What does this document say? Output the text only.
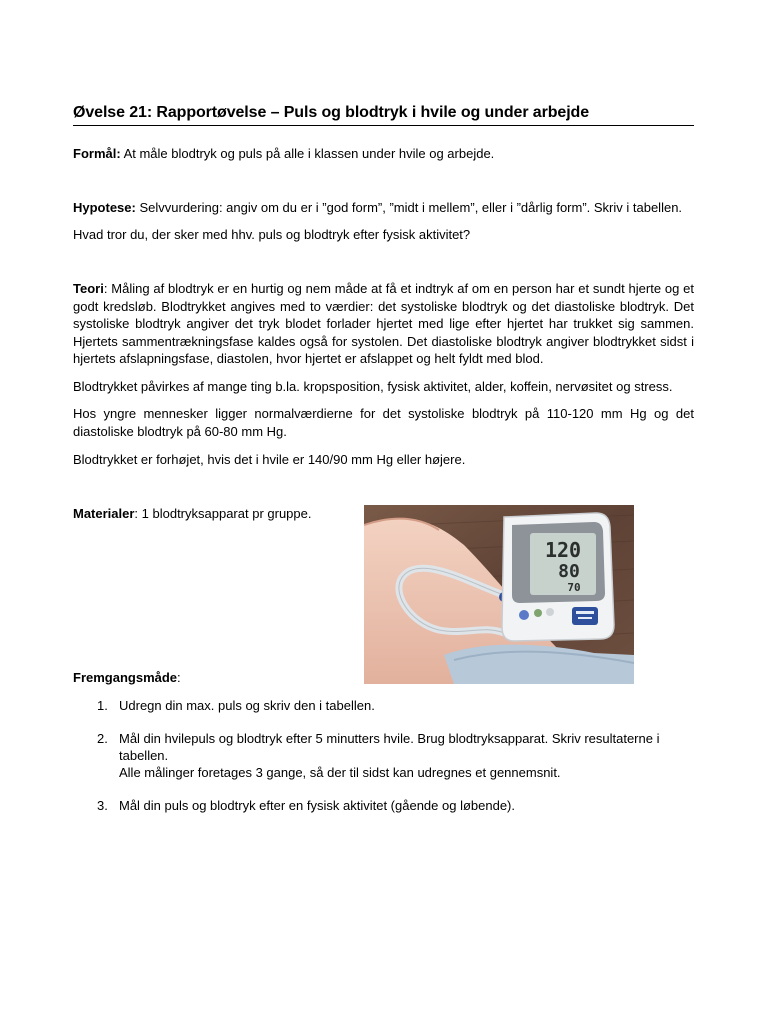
Øvelse 21: Rapportøvelse – Puls og blodtryk i hvile og under arbejde

Formål: At måle blodtryk og puls på alle i klassen under hvile og arbejde.

Hypotese: Selvvurdering: angiv om du er i ”god form”, ”midt i mellem”, eller i ”dårlig form”. Skriv i tabellen.

Hvad tror du, der sker med hhv. puls og blodtryk efter fysisk aktivitet?

Teori: Måling af blodtryk er en hurtig og nem måde at få et indtryk af om en person har et sundt hjerte og et godt kredsløb. Blodtrykket angives med to værdier: det systoliske blodtryk og det diastoliske blodtryk. Det systoliske blodtryk angiver det tryk blodet forlader hjertet med lige efter hjertet har trukket sig sammen. Hjertets sammentrækningsfase kaldes også for systolen. Det diastoliske blodtryk angiver blodtrykket sidst i hjertets afslapningsfase, diastolen, hvor hjertet er afslappet og helt fyldt med blod.

Blodtrykket påvirkes af mange ting b.la. kropsposition, fysisk aktivitet, alder, koffein, nervøsitet og stress.

Hos yngre mennesker ligger normalværdierne for det systoliske blodtryk på 110-120 mm Hg og det diastoliske blodtryk på 60-80 mm Hg.

Blodtrykket er forhøjet, hvis det i hvile er 140/90 mm Hg eller højere.

Materialer: 1 blodtryksapparat pr gruppe.

120
80
70

Fremgangsmåde:

1. Udregn din max. puls og skriv den i tabellen.
2. Mål din hvilepuls og blodtryk efter 5 minutters hvile. Brug blodtryksapparat. Skriv resultaterne i tabellen.
Alle målinger foretages 3 gange, så der til sidst kan udregnes et gennemsnit.
3. Mål din puls og blodtryk efter en fysisk aktivitet (gående og løbende).
